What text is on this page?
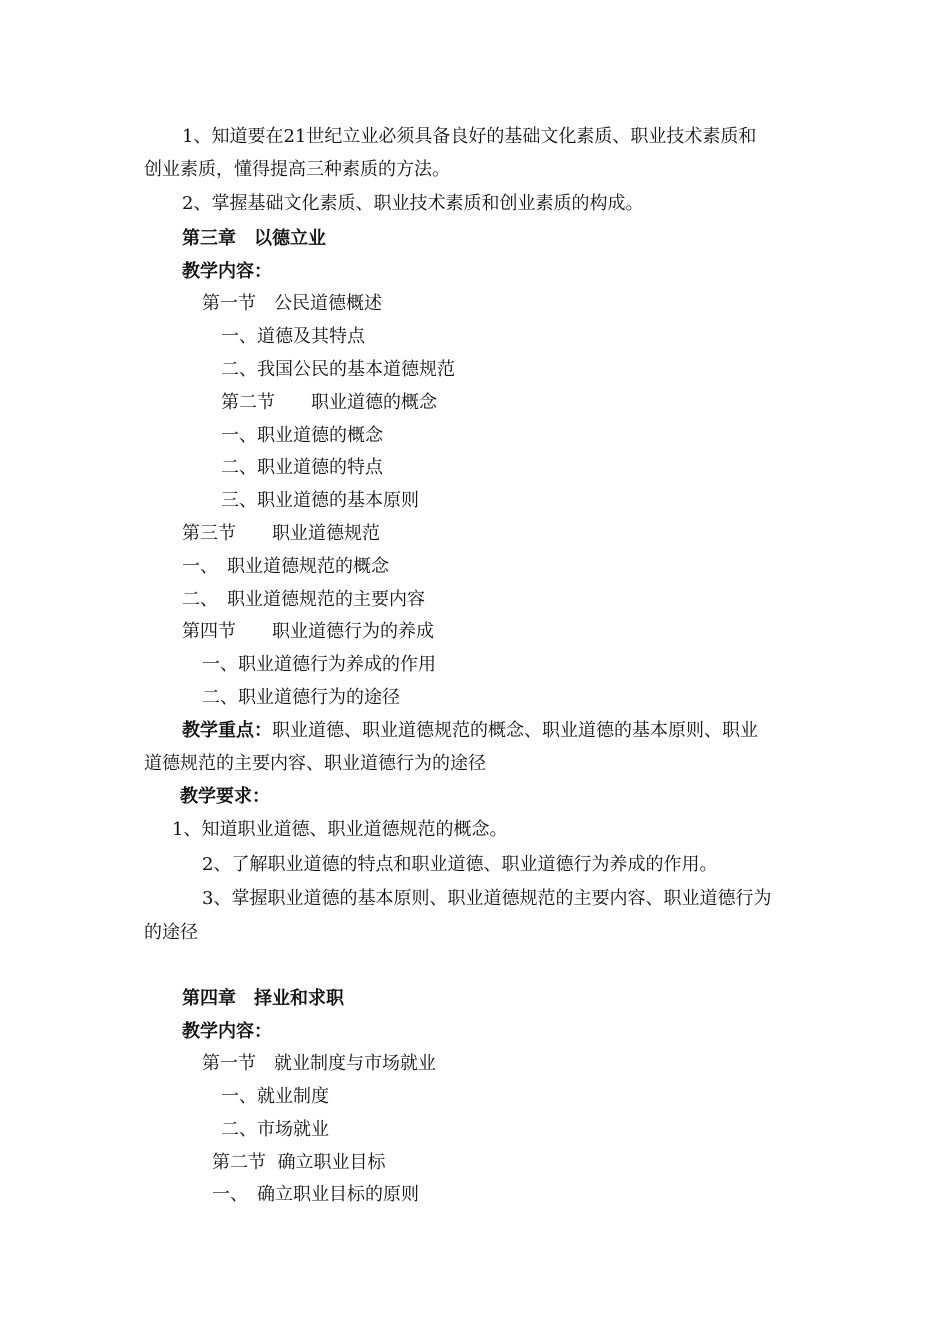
1、知道要在21世纪立业必须具备良好的基础文化素质、职业技术素质和
创业素质，懂得提高三种素质的方法。
2、掌握基础文化素质、职业技术素质和创业素质的构成。
第三章　以德立业
教学内容：
第一节　公民道德概述
一、道德及其特点
二、我国公民的基本道德规范
第二节　　职业道德的概念
一、职业道德的概念
二、职业道德的特点
三、职业道德的基本原则
第三节　　职业道德规范
一、　职业道德规范的概念
二、　职业道德规范的主要内容
第四节　　职业道德行为的养成
一、职业道德行为养成的作用
二、职业道德行为的途径
教学重点：职业道德、职业道德规范的概念、职业道德的基本原则、职业
道德规范的主要内容、职业道德行为的途径
教学要求：
1、知道职业道德、职业道德规范的概念。
2、了解职业道德的特点和职业道德、职业道德行为养成的作用。
3、掌握职业道德的基本原则、职业道德规范的主要内容、职业道德行为
的途径
第四章　择业和求职
教学内容：
第一节　就业制度与市场就业
一、就业制度
二、市场就业
第二节  确立职业目标
一、　确立职业目标的原则
